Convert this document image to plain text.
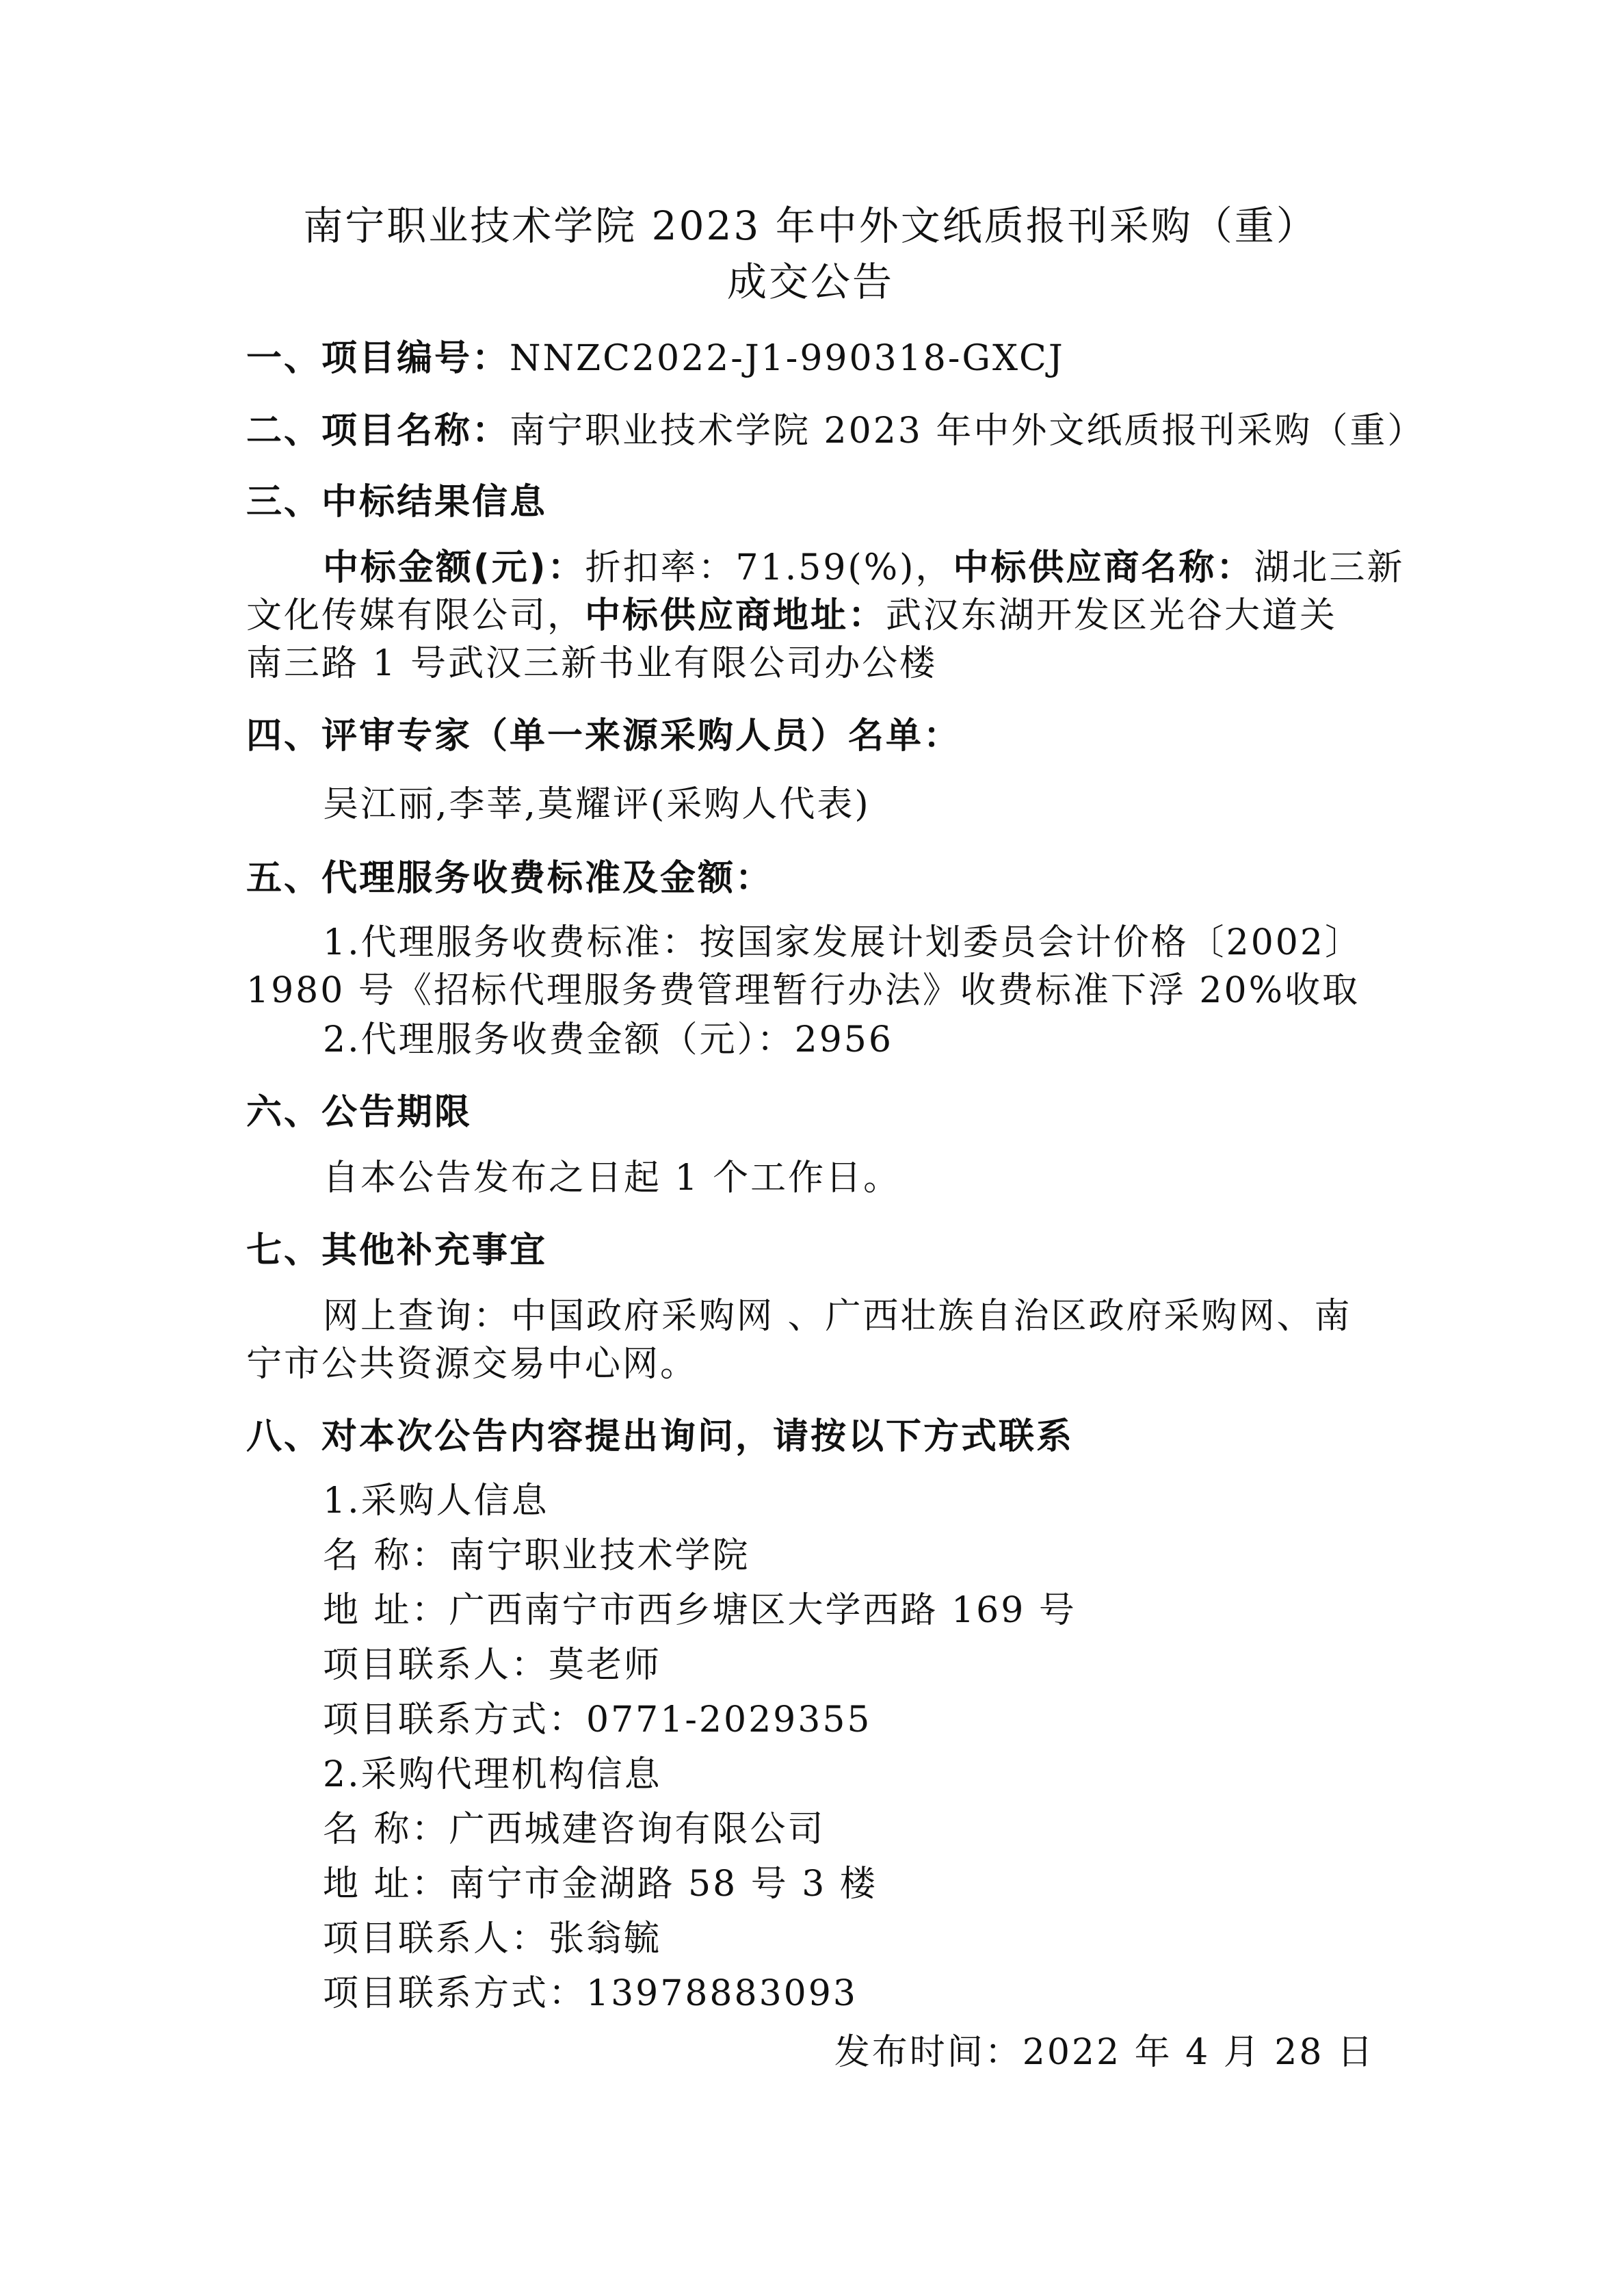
南宁职业技术学院 2023 年中外文纸质报刊采购（重）
成交公告
一、项目编号：NNZC2022-J1-990318-GXCJ
二、项目名称：南宁职业技术学院 2023 年中外文纸质报刊采购（重）
三、中标结果信息
中标金额(元)：折扣率：71.59(%)，中标供应商名称：湖北三新
文化传媒有限公司，中标供应商地址：武汉东湖开发区光谷大道关
南三路 1 号武汉三新书业有限公司办公楼
四、评审专家（单一来源采购人员）名单：
吴江丽,李莘,莫耀评(采购人代表)
五、代理服务收费标准及金额：
1.代理服务收费标准：按国家发展计划委员会计价格〔2002〕
1980 号《招标代理服务费管理暂行办法》收费标准下浮 20%收取
2.代理服务收费金额（元）：2956
六、公告期限
自本公告发布之日起 1 个工作日。
七、其他补充事宜
网上查询：中国政府采购网 、广西壮族自治区政府采购网、南
宁市公共资源交易中心网。
八、对本次公告内容提出询问，请按以下方式联系
1.采购人信息
名 称：南宁职业技术学院
地 址：广西南宁市西乡塘区大学西路 169 号
项目联系人：莫老师
项目联系方式：0771-2029355
2.采购代理机构信息
名 称：广西城建咨询有限公司
地 址：南宁市金湖路 58 号 3 楼
项目联系人：张翁毓
项目联系方式：13978883093
发布时间：2022 年 4 月 28 日
